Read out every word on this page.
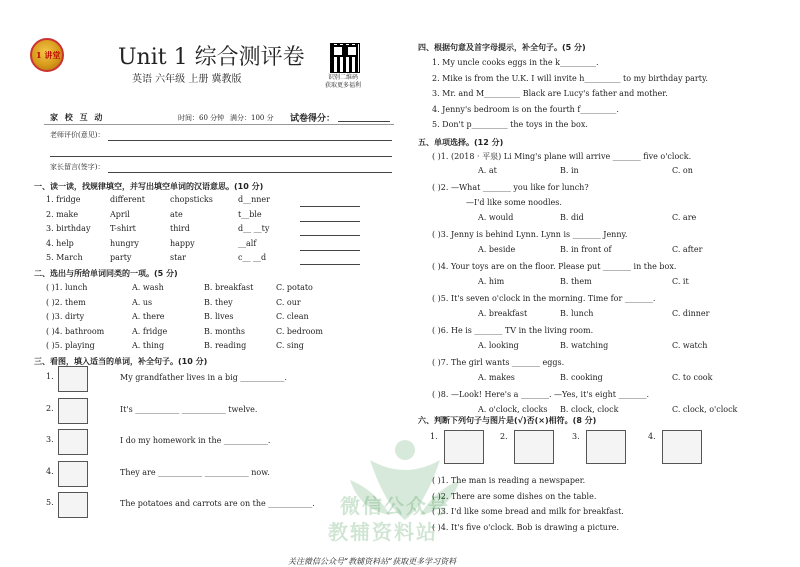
1 讲堂	Unit 1 综合测评卷
英语 六年级 上册 冀教版	识别二维码
获取更多福利
家 校 互 动	时间：60 分钟 满分：100 分 试卷得分：
老师评价(意见)：
家长留言(签字)：
一、读一读，找规律填空，并写出填空单词的汉语意思。(10 分)
1. fridge	different	chopsticks	d__nner
2. make	April	ate	t__ble
3. birthday T-shirt	third	d__ __ty
4. help	hungry	happy	__alf
5. March	party	star	c__ __d
二、选出与所给单词同类的一项。(5 分)
( )1. lunch	A. wash	B. breakfast	C. potato
( )2. them	A. us	B. they	C. our
( )3. dirty	A. there	B. lives	C. clean
( )4. bathroom	A. fridge	B. months	C. bedroom
( )5. playing	A. thing	B. reading	C. sing
三、看图，填入适当的单词，补全句子。(10 分)
1.	My grandfather lives in a big ___________.
2.	It's ___________ ___________ twelve.
3.	I do my homework in the ___________.
4.	They are ___________ ___________ now.
5.	The potatoes and carrots are on the ___________.
四、根据句意及首字母提示，补全句子。(5 分)
1. My uncle cooks eggs in the k_________.
2. Mike is from the U.K. I will invite h_________ to my birthday party.
3. Mr. and M_________ Black are Lucy's father and mother.
4. Jenny's bedroom is on the fourth f_________.
5. Don't p_________ the toys in the box.
五、单项选择。(12 分)
( )1. (2018 · 平泉) Li Ming's plane will arrive _______ five o'clock.
A. at	B. in	C. on
( )2. —What _______ you like for lunch?
—I'd like some noodles.
A. would	B. did	C. are
( )3. Jenny is behind Lynn. Lynn is _______ Jenny.
A. beside	B. in front of	C. after
( )4. Your toys are on the floor. Please put _______ in the box.
A. him	B. them	C. it
( )5. It's seven o'clock in the morning. Time for _______.
A. breakfast	B. lunch	C. dinner
( )6. He is _______ TV in the living room.
A. looking	B. watching	C. watch
( )7. The girl wants _______ eggs.
A. makes	B. cooking	C. to cook
( )8. —Look! Here's a _______. —Yes, it's eight _______.
A. o'clock, clocks B. clock, clock	C. clock, o'clock
六、判断下列句子与图片是(√)否(×)相符。(8 分)
1.	2.	3.	4.
( )1. The man is reading a newspaper.
( )2. There are some dishes on the table.
( )3. I'd like some bread and milk for breakfast.
( )4. It's five o'clock. Bob is drawing a picture.
微信公众号
教辅资料站
关注微信公众号“教辅资料站”获取更多学习资料
